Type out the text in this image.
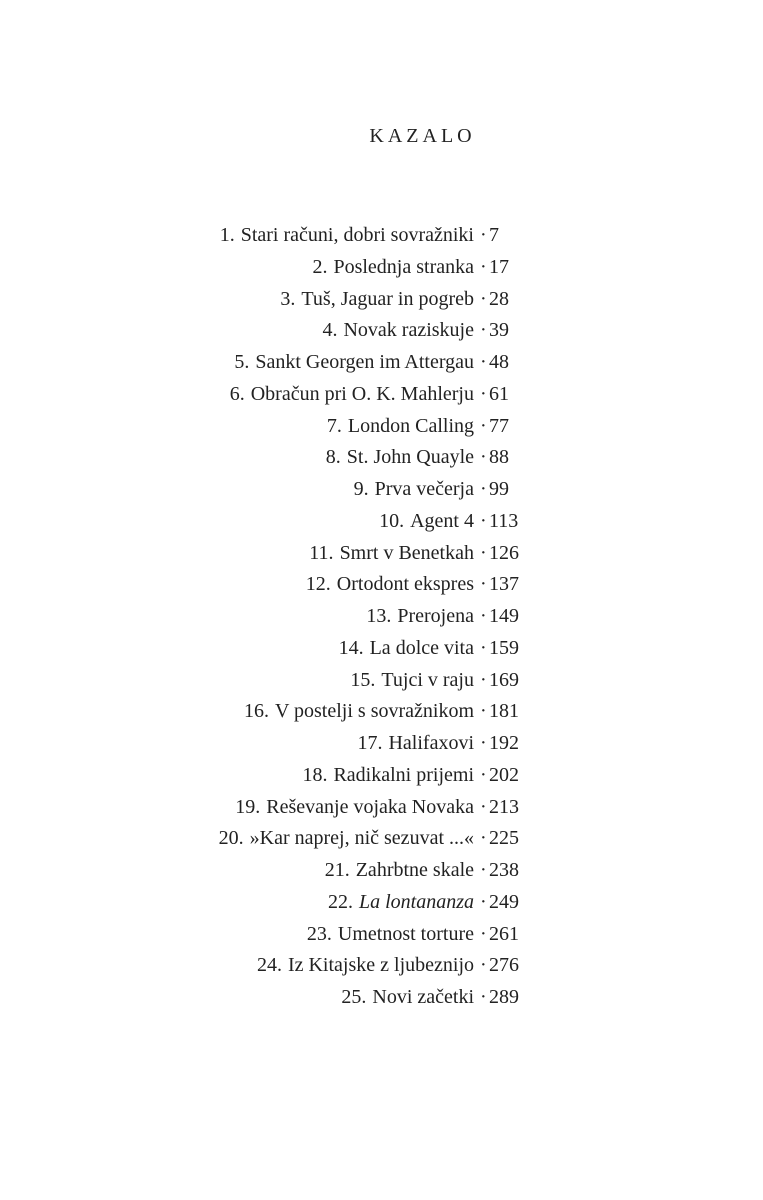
KAZALO
1. Stari računi, dobri sovražniki · 7
2. Poslednja stranka · 17
3. Tuš, Jaguar in pogreb · 28
4. Novak raziskuje · 39
5. Sankt Georgen im Attergau · 48
6. Obračun pri O. K. Mahlerju · 61
7. London Calling · 77
8. St. John Quayle · 88
9. Prva večerja · 99
10. Agent 4 · 113
11. Smrt v Benetkah · 126
12. Ortodont ekspres · 137
13. Prerojena · 149
14. La dolce vita · 159
15. Tujci v raju · 169
16. V postelji s sovražnikom · 181
17. Halifaxovi · 192
18. Radikalni prijemi · 202
19. Reševanje vojaka Novaka · 213
20. »Kar naprej, nič sezuvat ...« · 225
21. Zahrbtne skale · 238
22. La lontananza · 249
23. Umetnost torture · 261
24. Iz Kitajske z ljubeznijo · 276
25. Novi začetki · 289
